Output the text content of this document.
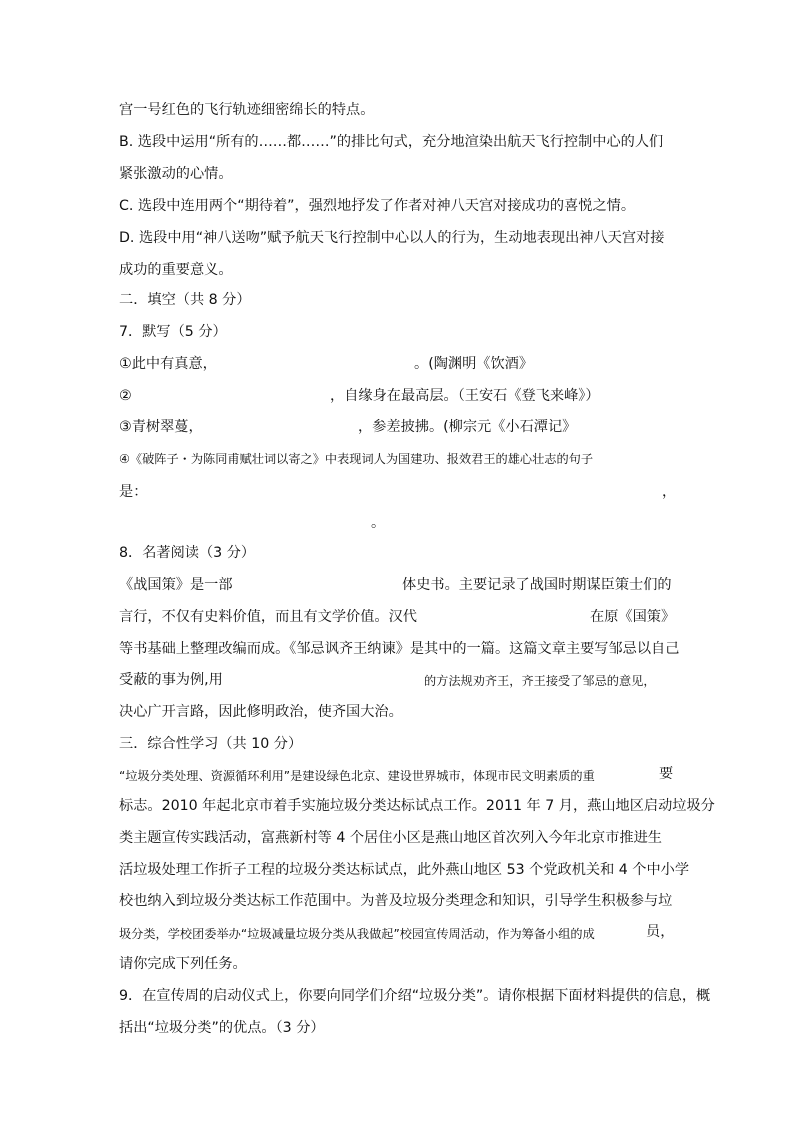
宫一号红色的飞行轨迹细密绵长的特点。
B. 选段中运用“所有的……都……”的排比句式，充分地渲染出航天飞行控制中心的人们
紧张激动的心情。
C. 选段中连用两个“期待着”，强烈地抒发了作者对神八天宫对接成功的喜悦之情。
D. 选段中用“神八送吻”赋予航天飞行控制中心以人的行为，生动地表现出神八天宫对接
成功的重要意义。
二．填空（共 8 分）
7．默写（5 分）
①此中有真意，	。(陶渊明《饮酒》
②	，自缘身在最高层。（王安石《登飞来峰》）
③青树翠蔓，	，参差披拂。(柳宗元《小石潭记》
④《破阵子・为陈同甫赋壮词以寄之》中表现词人为国建功、报效君王的雄心壮志的句子
是：	，
。
8．名著阅读（3 分）
《战国策》是一部	体史书。主要记录了战国时期谋臣策士们的
言行，不仅有史料价值，而且有文学价值。汉代	在原《国策》
等书基础上整理改编而成。《邹忌讽齐王纳谏》是其中的一篇。这篇文章主要写邹忌以自己
受蔽的事为例,用	的方法规劝齐王，齐王接受了邹忌的意见，
决心广开言路，因此修明政治，使齐国大治。
三．综合性学习（共 10 分）
“垃圾分类处理、资源循环利用”是建设绿色北京、建设世界城市，体现市民文明素质的重	要
标志。2010 年起北京市着手实施垃圾分类达标试点工作。2011 年 7 月，燕山地区启动垃圾分
类主题宣传实践活动，富燕新村等 4 个居住小区是燕山地区首次列入今年北京市推进生
活垃圾处理工作折子工程的垃圾分类达标试点，此外燕山地区 53 个党政机关和 4 个中小学
校也纳入到垃圾分类达标工作范围中。为普及垃圾分类理念和知识，引导学生积极参与垃
圾分类，学校团委举办“垃圾减量垃圾分类从我做起”校园宣传周活动，作为筹备小组的成	员，
请你完成下列任务。
9．在宣传周的启动仪式上，你要向同学们介绍“垃圾分类”。请你根据下面材料提供的信息，概
括出“垃圾分类”的优点。（3 分）
